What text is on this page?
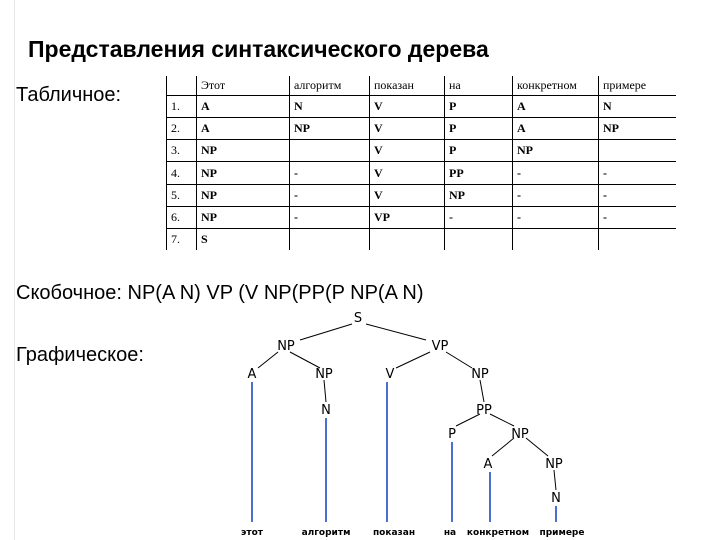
Представления синтаксического дерева
Табличное:
		Этот	алгоритм	показан	на	конкретном	примере
1.	A	N	V	P	A	N
2.	A	NP	V	P	A	NP
3.	NP		V	P	NP	
4.	NP	-	V	PP	-	-
5.	NP	-	V	NP	-	-
6.	NP	-	VP	-	-	-
7.	S					
Скобочное: NP(A N) VP (V NP(PP(P NP(A N)
Графическое:
S
NP	VP
A	NP	V	NP
N	PP
P	NP
A	NP
N
этот	алгоритм	показан	на конкретном примере
